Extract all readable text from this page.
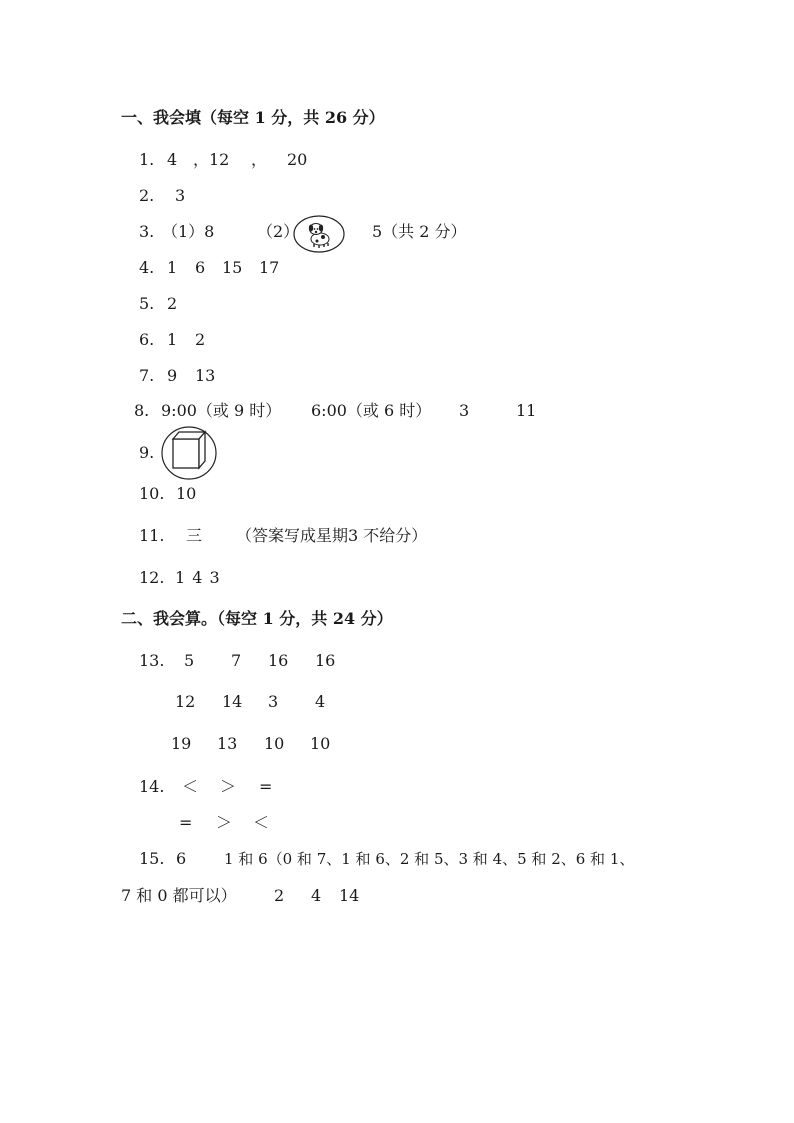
一、我会填（每空 1 分，共 26 分）
1. 4 ，12 ， 20
2. 3
3. （1）8	（2）	5（共 2 分）
4. 1 6 15 17
5. 2
6. 1 2
7. 9 13
8. 9:00（或 9 时） 6:00（或 6 时） 3	11
9.
10. 10
11. 三 （答案写成星期3 不给分）
12. 1 4 3
二、我会算。（每空 1 分，共 24 分）
13. 5 7 16 16
12 14 3 4
19 13 10 10
14. ＜ ＞ =
= ＞ ＜
15. 6	1 和 6（0 和 7、1 和 6、2 和 5、3 和 4、5 和 2、6 和 1、
7 和 0 都可以） 2 4 14
